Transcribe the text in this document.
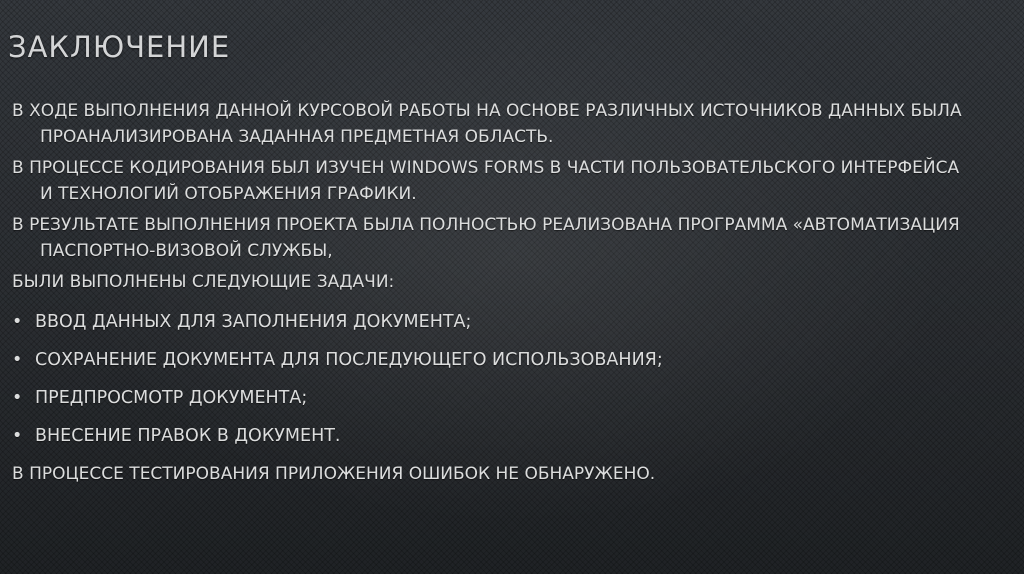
ЗАКЛЮЧЕНИЕ

В ХОДЕ ВЫПОЛНЕНИЯ ДАННОЙ КУРСОВОЙ РАБОТЫ НА ОСНОВЕ РАЗЛИЧНЫХ ИСТОЧНИКОВ ДАННЫХ БЫЛА ПРОАНАЛИЗИРОВАНА ЗАДАННАЯ ПРЕДМЕТНАЯ ОБЛАСТЬ.

В ПРОЦЕССЕ КОДИРОВАНИЯ БЫЛ ИЗУЧЕН WINDOWS FORMS В ЧАСТИ ПОЛЬЗОВАТЕЛЬСКОГО ИНТЕРФЕЙСА И ТЕХНОЛОГИЙ ОТОБРАЖЕНИЯ ГРАФИКИ.

В РЕЗУЛЬТАТЕ ВЫПОЛНЕНИЯ ПРОЕКТА БЫЛА ПОЛНОСТЬЮ РЕАЛИЗОВАНА ПРОГРАММА «АВТОМАТИЗАЦИЯ ПАСПОРТНО-ВИЗОВОЙ СЛУЖБЫ,

БЫЛИ ВЫПОЛНЕНЫ СЛЕДУЮЩИЕ ЗАДАЧИ:

• ВВОД ДАННЫХ ДЛЯ ЗАПОЛНЕНИЯ ДОКУМЕНТА;
• СОХРАНЕНИЕ ДОКУМЕНТА ДЛЯ ПОСЛЕДУЮЩЕГО ИСПОЛЬЗОВАНИЯ;
• ПРЕДПРОСМОТР ДОКУМЕНТА;
• ВНЕСЕНИЕ ПРАВОК В ДОКУМЕНТ.

В ПРОЦЕССЕ ТЕСТИРОВАНИЯ ПРИЛОЖЕНИЯ ОШИБОК НЕ ОБНАРУЖЕНО.
